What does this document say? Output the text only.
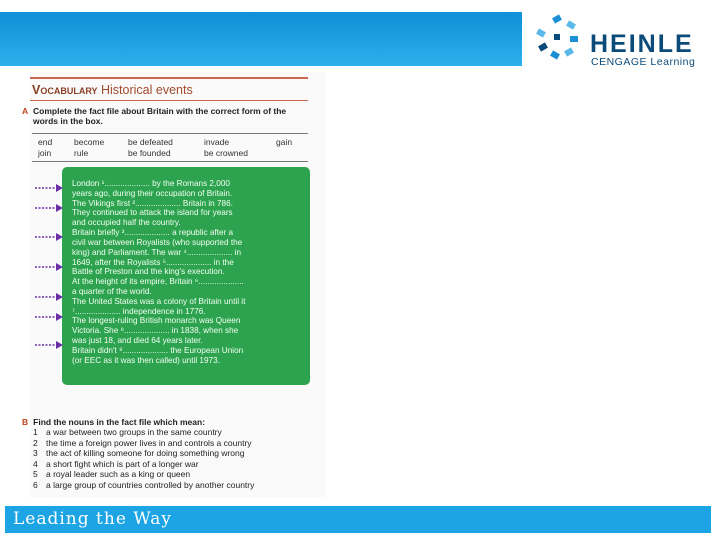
HEINLE
CENGAGE Learning
Vocabulary Historical events
A Complete the fact file about Britain with the correct form of the words in the box.
end	become	be defeated	invade	gain
join	rule	be founded	be crowned
London ¹.................... by the Romans 2,000
years ago, during their occupation of Britain.
The Vikings first ².................... Britain in 786.
They continued to attack the island for years
and occupied half the country.
Britain briefly ³.................... a republic after a
civil war between Royalists (who supported the
king) and Parliament. The war ⁴.................... in
1649, after the Royalists ⁵.................... in the
Battle of Preston and the king's execution.
At the height of its empire, Britain ⁶....................
a quarter of the world.
The United States was a colony of Britain until it
⁷.................... independence in 1776.
The longest-ruling British monarch was Queen
Victoria. She ⁸.................... in 1838, when she
was just 18, and died 64 years later.
Britain didn't ⁹.................... the European Union
(or EEC as it was then called) until 1973.
B Find the nouns in the fact file which mean:
1 a war between two groups in the same country
2 the time a foreign power lives in and controls a country
3 the act of killing someone for doing something wrong
4 a short fight which is part of a longer war
5 a royal leader such as a king or queen
6 a large group of countries controlled by another country
Leading the Way
